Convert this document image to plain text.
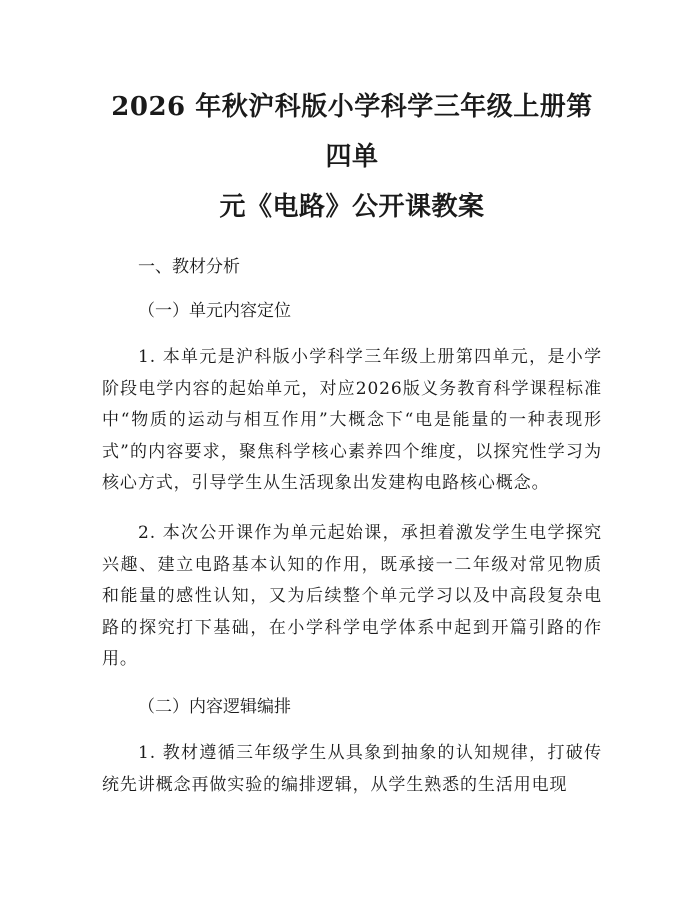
2026 年秋沪科版小学科学三年级上册第四单
元《电路》公开课教案

一、教材分析

（一）单元内容定位

1. 本单元是沪科版小学科学三年级上册第四单元，是小学阶段电学内容的起始单元，对应2026版义务教育科学课程标准中“物质的运动与相互作用”大概念下“电是能量的一种表现形式”的内容要求，聚焦科学核心素养四个维度，以探究性学习为核心方式，引导学生从生活现象出发建构电路核心概念。

2. 本次公开课作为单元起始课，承担着激发学生电学探究兴趣、建立电路基本认知的作用，既承接一二年级对常见物质和能量的感性认知，又为后续整个单元学习以及中高段复杂电路的探究打下基础，在小学科学电学体系中起到开篇引路的作用。

（二）内容逻辑编排

1. 教材遵循三年级学生从具象到抽象的认知规律，打破传统先讲概念再做实验的编排逻辑，从学生熟悉的生活用电现
